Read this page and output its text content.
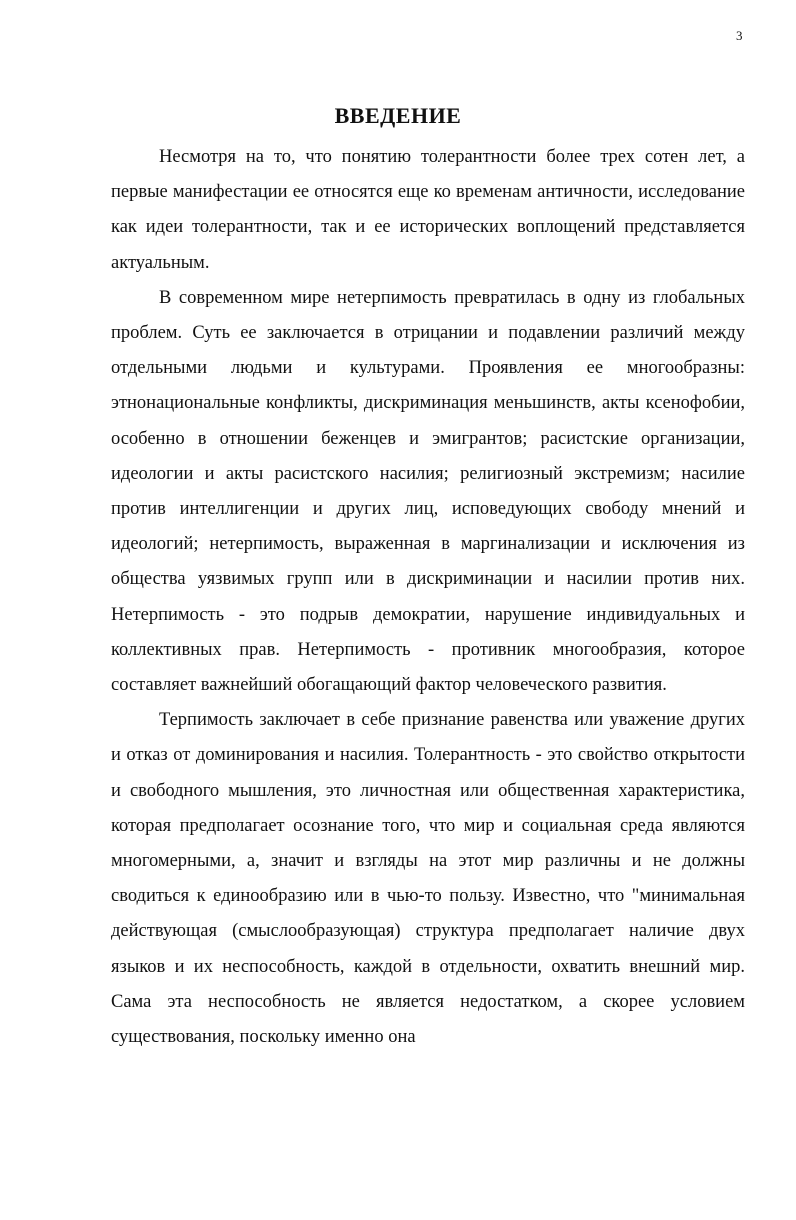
3
ВВЕДЕНИЕ

Несмотря на то, что понятию толерантности более трех сотен лет, а первые манифестации ее относятся еще ко временам античности, исследование как идеи толерантности, так и ее исторических воплощений представляется актуальным.

В современном мире нетерпимость превратилась в одну из глобальных проблем. Суть ее заключается в отрицании и подавлении различий между отдельными людьми и культурами. Проявления ее многообразны: этнонациональные конфликты, дискриминация меньшинств, акты ксенофобии, особенно в отношении беженцев и эмигрантов; расистские организации, идеологии и акты расистского насилия; религиозный экстремизм; насилие против интеллигенции и других лиц, исповедующих свободу мнений и идеологий; нетерпимость, выраженная в маргинализации и исключения из общества уязвимых групп или в дискриминации и насилии против них. Нетерпимость - это подрыв демократии, нарушение индивидуальных и коллективных прав. Нетерпимость - противник многообразия, которое составляет важнейший обогащающий фактор человеческого развития.

Терпимость заключает в себе признание равенства или уважение других и отказ от доминирования и насилия. Толерантность - это свойство открытости и свободного мышления, это личностная или общественная характеристика, которая предполагает осознание того, что мир и социальная среда являются многомерными, а, значит и взгляды на этот мир различны и не должны сводиться к единообразию или в чью-то пользу. Известно, что "минимальная действующая (смыслообразующая) структура предполагает наличие двух языков и их неспособность, каждой в отдельности, охватить внешний мир. Сама эта неспособность не является недостатком, а скорее условием существования, поскольку именно она
